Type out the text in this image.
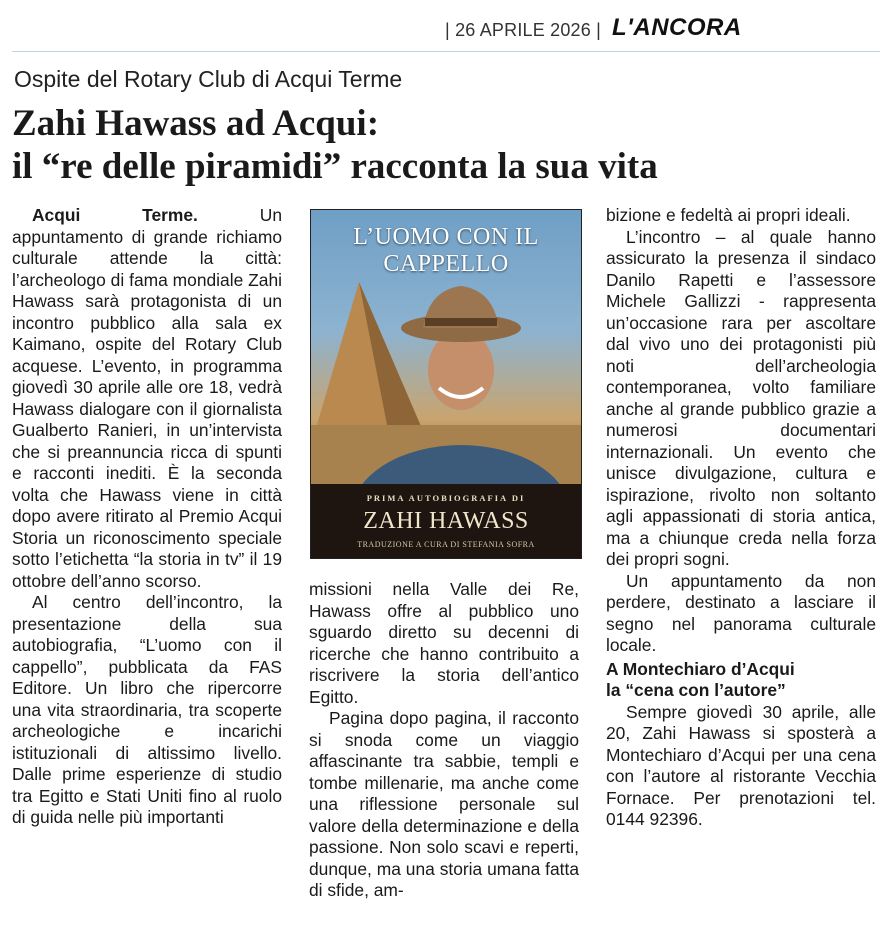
| 26 APRILE 2026 | L'ANCORA
Ospite del Rotary Club di Acqui Terme
Zahi Hawass ad Acqui:
il “re delle piramidi” racconta la sua vita

Acqui Terme.	Un appuntamento di grande richiamo culturale attende la città: l’archeologo di fama mondiale Zahi Hawass sarà protagonista di un incontro pubblico alla sala ex Kaimano, ospite del Rotary Club acquese. L’evento, in programma giovedì 30 aprile alle ore 18, vedrà Hawass dialogare con il giornalista Gualberto Ranieri, in un’intervista che si preannuncia ricca di spunti e racconti inediti. È la seconda volta che Hawass viene in città dopo avere ritirato al Premio Acqui Storia un riconoscimento speciale sotto l’etichetta “la storia in tv” il 19 ottobre dell’anno scorso.

Al centro dell’incontro, la presentazione della sua autobiografia, “L’uomo con il cappello”, pubblicata da FAS Editore. Un libro che ripercorre una vita straordinaria, tra scoperte archeologiche e incarichi istituzionali di altissimo livello. Dalle prime esperienze di studio tra Egitto e Stati Uniti fino al ruolo di guida nelle più importanti

L’UOMO CON IL CAPPELLO
PRIMA AUTOBIOGRAFIA DI
ZAHI HAWASS
TRADUZIONE A CURA DI STEFANIA SOFRA

missioni nella Valle dei Re, Hawass offre al pubblico uno sguardo diretto su decenni di ricerche che hanno contribuito a riscrivere la storia dell’antico Egitto.

Pagina dopo pagina, il racconto si snoda come un viaggio affascinante tra sabbie, templi e tombe millenarie, ma anche come una riflessione personale sul valore della determinazione e della passione. Non solo scavi e reperti, dunque, ma una storia umana fatta di sfide, am-

bizione e fedeltà ai propri ideali.

L’incontro – al quale hanno assicurato la presenza il sindaco Danilo Rapetti e l’assessore Michele Gallizzi - rappresenta un’occasione rara per ascoltare dal vivo uno dei protagonisti più noti dell’archeologia contemporanea, volto familiare anche al grande pubblico grazie a numerosi documentari internazionali. Un evento che unisce divulgazione, cultura e ispirazione, rivolto non soltanto agli appassionati di storia antica, ma a chiunque creda nella forza dei propri sogni.

Un appuntamento da non perdere, destinato a lasciare il segno nel panorama culturale locale.

A Montechiaro d’Acqui

la “cena con l’autore”

Sempre giovedì 30 aprile, alle 20, Zahi Hawass si sposterà a Montechiaro d’Acqui per una cena con l’autore al ristorante Vecchia Fornace. Per prenotazioni tel. 0144 92396.
